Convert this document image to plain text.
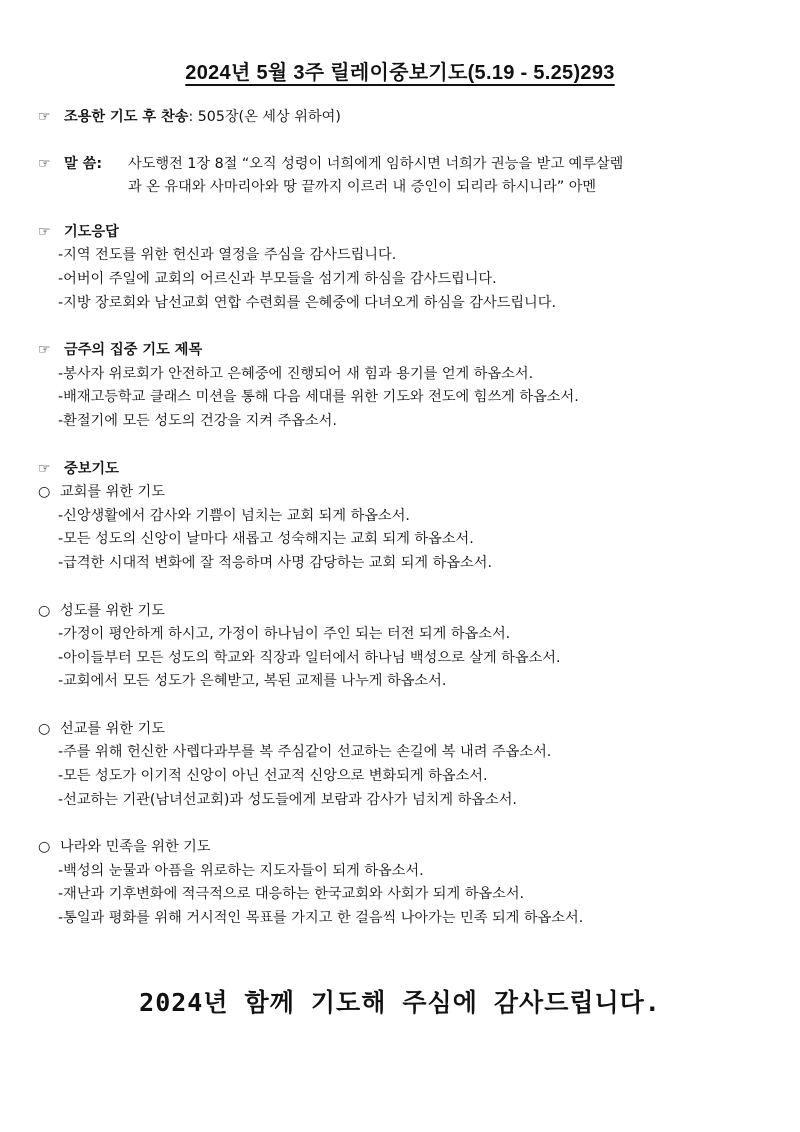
2024년 5월 3주 릴레이중보기도(5.19 - 5.25)293
☞ 조용한 기도 후 찬송: 505장(온 세상 위하여)
☞ 말 씀: 사도행전 1장 8절 “오직 성령이 너희에게 임하시면 너희가 권능을 받고 예루살렘
과 온 유대와 사마리아와 땅 끝까지 이르러 내 증인이 되리라 하시니라” 아멘
☞ 기도응답
-지역 전도를 위한 헌신과 열정을 주심을 감사드립니다.
-어버이 주일에 교회의 어르신과 부모들을 섬기게 하심을 감사드립니다.
-지방 장로회와 남선교회 연합 수련회를 은혜중에 다녀오게 하심을 감사드립니다.
☞ 금주의 집중 기도 제목
-봉사자 위로회가 안전하고 은혜중에 진행되어 새 힘과 용기를 얻게 하옵소서.
-배재고등학교 클래스 미션을 통해 다음 세대를 위한 기도와 전도에 힘쓰게 하옵소서.
-환절기에 모든 성도의 건강을 지켜 주옵소서.
☞ 중보기도
○ 교회를 위한 기도
-신앙생활에서 감사와 기쁨이 넘치는 교회 되게 하옵소서.
-모든 성도의 신앙이 날마다 새롭고 성숙해지는 교회 되게 하옵소서.
-급격한 시대적 변화에 잘 적응하며 사명 감당하는 교회 되게 하옵소서.
○ 성도를 위한 기도
-가정이 평안하게 하시고, 가정이 하나님이 주인 되는 터전 되게 하옵소서.
-아이들부터 모든 성도의 학교와 직장과 일터에서 하나님 백성으로 살게 하옵소서.
-교회에서 모든 성도가 은혜받고, 복된 교제를 나누게 하옵소서.
○ 선교를 위한 기도
-주를 위해 헌신한 사렙다과부를 복 주심같이 선교하는 손길에 복 내려 주옵소서.
-모든 성도가 이기적 신앙이 아닌 선교적 신앙으로 변화되게 하옵소서.
-선교하는 기관(남녀선교회)과 성도들에게 보람과 감사가 넘치게 하옵소서.
○ 나라와 민족을 위한 기도
-백성의 눈물과 아픔을 위로하는 지도자들이 되게 하옵소서.
-재난과 기후변화에 적극적으로 대응하는 한국교회와 사회가 되게 하옵소서.
-통일과 평화를 위해 거시적인 목표를 가지고 한 걸음씩 나아가는 민족 되게 하옵소서.
2024년 함께 기도해 주심에 감사드립니다.
